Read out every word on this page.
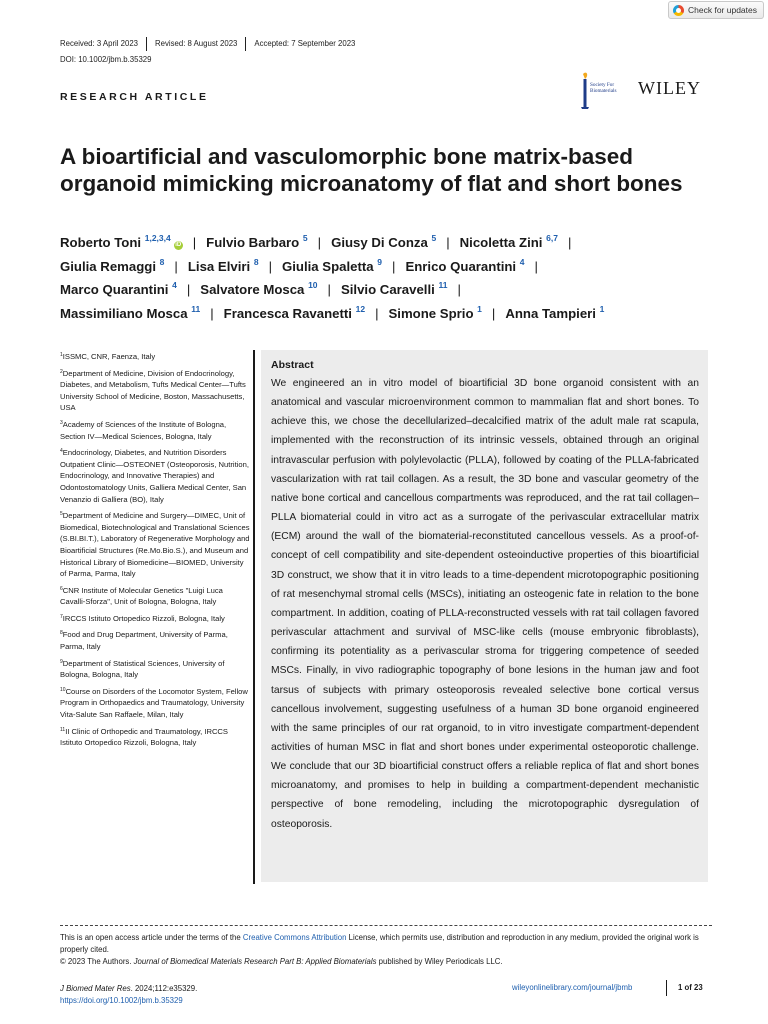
Check for updates
Received: 3 April 2023	Revised: 8 August 2023	Accepted: 7 September 2023
DOI: 10.1002/jbm.b.35329
RESEARCH ARTICLE
Society For Biomaterials	WILEY
A bioartificial and vasculomorphic bone matrix-based organoid mimicking microanatomy of flat and short bones
Roberto Toni $^{1,2,3,4}$iD | Fulvio Barbaro $^5$ | Giusy Di Conza $^5$ | Nicoletta Zini $^{6,7}$ |
Giulia Remaggi $^8$ | Lisa Elviri $^8$ | Giulia Spaletta $^9$ | Enrico Quarantini $^4$ |
Marco Quarantini $^4$ | Salvatore Mosca $^{10}$ | Silvio Caravelli $^{11}$ |
Massimiliano Mosca $^{11}$ | Francesca Ravanetti $^{12}$ | Simone Sprio $^1$ | Anna Tampieri $^1$
$^1$ISSMC, CNR, Faenza, Italy
$^2$Department of Medicine, Division of Endocrinology, Diabetes, and Metabolism, Tufts Medical Center—Tufts University School of Medicine, Boston, Massachusetts, USA
$^3$Academy of Sciences of the Institute of Bologna, Section IV—Medical Sciences, Bologna, Italy
$^4$Endocrinology, Diabetes, and Nutrition Disorders Outpatient Clinic—OSTEONET (Osteoporosis, Nutrition, Endocrinology, and Innovative Therapies) and Odontostomatology Units, Galliera Medical Center, San Venanzio di Galliera (BO), Italy
$^5$Department of Medicine and Surgery—DIMEC, Unit of Biomedical, Biotechnological and Translational Sciences (S.BI.BI.T.), Laboratory of Regenerative Morphology and Bioartificial Structures (Re.Mo.Bio.S.), and Museum and Historical Library of Biomedicine—BIOMED, University of Parma, Parma, Italy
$^6$CNR Institute of Molecular Genetics "Luigi Luca Cavalli-Sforza", Unit of Bologna, Bologna, Italy
$^7$IRCCS Istituto Ortopedico Rizzoli, Bologna, Italy
$^8$Food and Drug Department, University of Parma, Parma, Italy
$^9$Department of Statistical Sciences, University of Bologna, Bologna, Italy
$^{10}$Course on Disorders of the Locomotor System, Fellow Program in Orthopaedics and Traumatology, University Vita-Salute San Raffaele, Milan, Italy
$^{11}$II Clinic of Orthopedic and Traumatology, IRCCS Istituto Ortopedico Rizzoli, Bologna, Italy
Abstract
We engineered an in vitro model of bioartificial 3D bone organoid consistent with an anatomical and vascular microenvironment common to mammalian flat and short bones. To achieve this, we chose the decellularized–decalcified matrix of the adult male rat scapula, implemented with the reconstruction of its intrinsic vessels, obtained through an original intravascular perfusion with polylevolactic (PLLA), followed by coating of the PLLA-fabricated vascularization with rat tail collagen. As a result, the 3D bone and vascular geometry of the native bone cortical and cancellous compartments was reproduced, and the rat tail collagen–PLLA biomaterial could in vitro act as a surrogate of the perivascular extracellular matrix (ECM) around the wall of the biomaterial-reconstituted cancellous vessels. As a proof-of-concept of cell compatibility and site-dependent osteoinductive properties of this bioartificial 3D construct, we show that it in vitro leads to a time-dependent microtopographic positioning of rat mesenchymal stromal cells (MSCs), initiating an osteogenic fate in relation to the bone compartment. In addition, coating of PLLA-reconstructed vessels with rat tail collagen favored perivascular attachment and survival of MSC-like cells (mouse embryonic fibroblasts), confirming its potentiality as a perivascular stroma for triggering competence of seeded MSCs. Finally, in vivo radiographic topography of bone lesions in the human jaw and foot tarsus of subjects with primary osteoporosis revealed selective bone cortical versus cancellous involvement, suggesting usefulness of a human 3D bone organoid engineered with the same principles of our rat organoid, to in vitro investigate compartment-dependent activities of human MSC in flat and short bones under experimental osteoporotic challenge. We conclude that our 3D bioartificial construct offers a reliable replica of flat and short bones microanatomy, and promises to help in building a compartment-dependent mechanistic perspective of bone remodeling, including the microtopographic dysregulation of osteoporosis.
This is an open access article under the terms of the Creative Commons Attribution License, which permits use, distribution and reproduction in any medium, provided the original work is properly cited.
© 2023 The Authors. Journal of Biomedical Materials Research Part B: Applied Biomaterials published by Wiley Periodicals LLC.
J Biomed Mater Res. 2024;112:e35329.
https://doi.org/10.1002/jbm.b.35329
wileyonlinelibrary.com/journal/jbmb	1 of 23
